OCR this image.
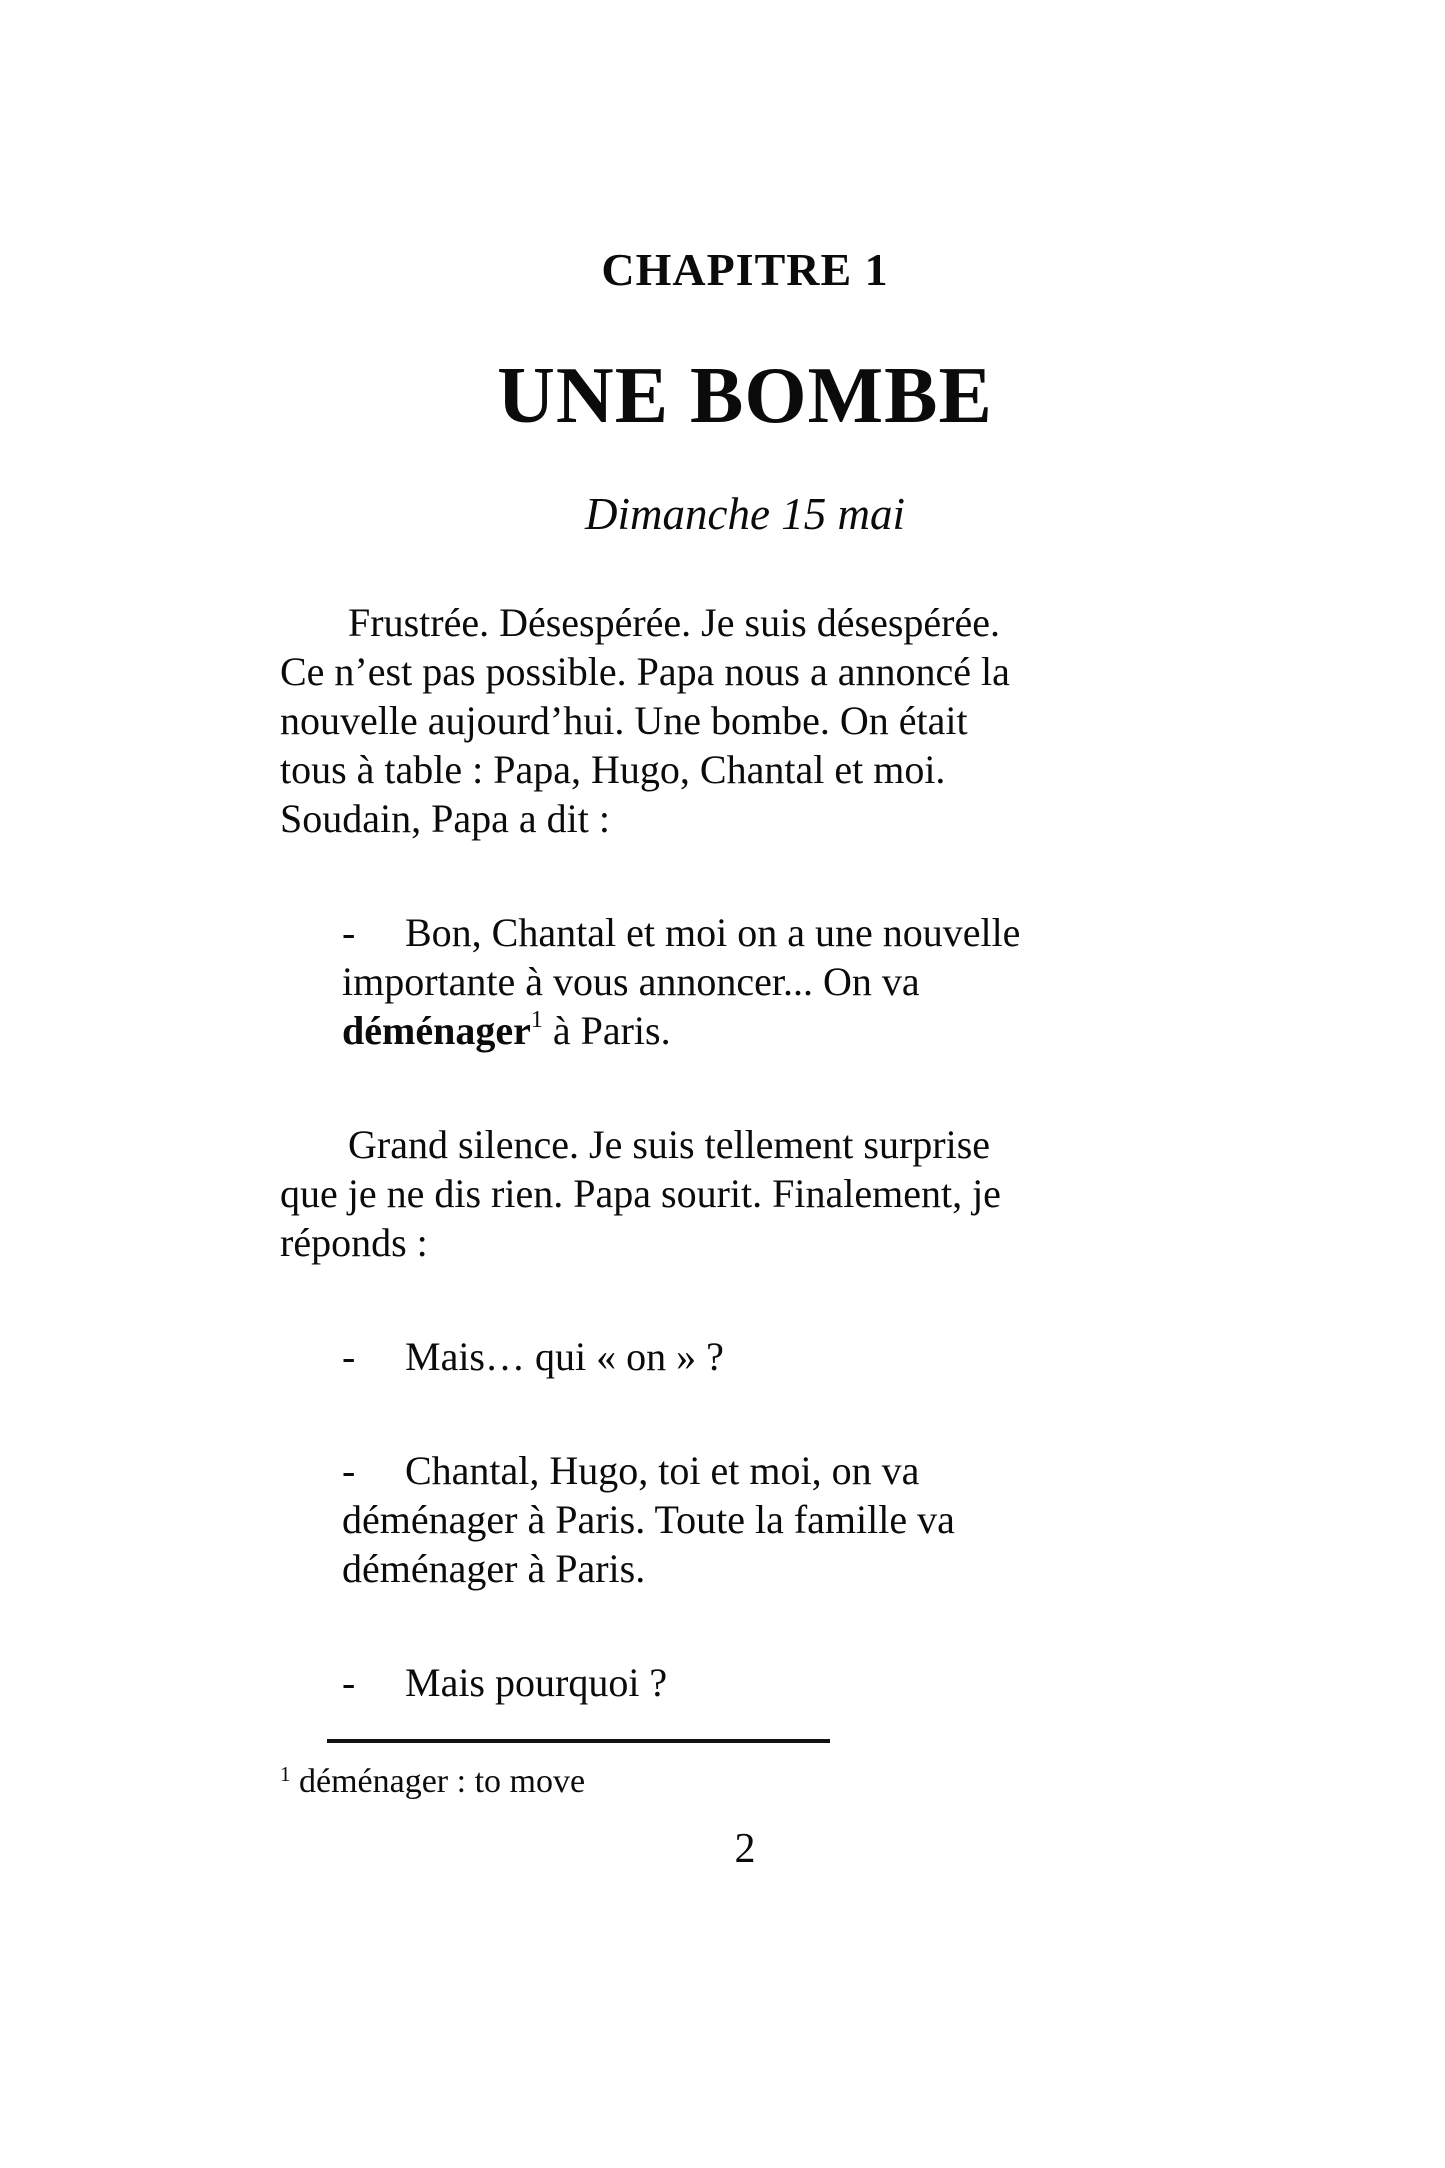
CHAPITRE 1
UNE BOMBE
Dimanche 15 mai
Frustrée. Désespérée. Je suis désespérée.
Ce n’est pas possible. Papa nous a annoncé la
nouvelle aujourd’hui. Une bombe. On était
tous à table : Papa, Hugo, Chantal et moi.
Soudain, Papa a dit :
- Bon, Chantal et moi on a une nouvelle
importante à vous annoncer... On va
déménager$^1$ à Paris.
Grand silence. Je suis tellement surprise
que je ne dis rien. Papa sourit. Finalement, je
réponds :
- Mais… qui « on » ?
- Chantal, Hugo, toi et moi, on va
déménager à Paris. Toute la famille va
déménager à Paris.
- Mais pourquoi ?
$^1$ déménager : to move
2
